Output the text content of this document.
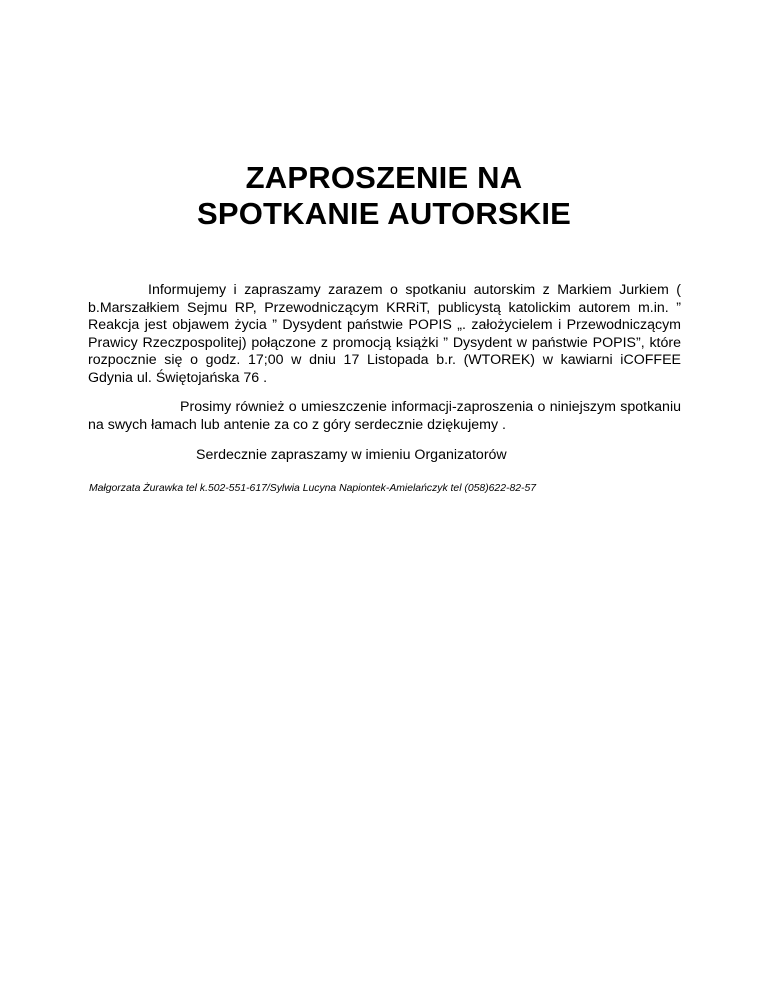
ZAPROSZENIE NA
SPOTKANIE AUTORSKIE

Informujemy i zapraszamy zarazem o spotkaniu autorskim z Markiem Jurkiem ( b.Marszałkiem Sejmu RP, Przewodniczącym KRRiT, publicystą katolickim autorem m.in. ” Reakcja jest objawem życia ” Dysydent państwie POPIS „. założycielem i Przewodniczącym Prawicy Rzeczpospolitej) połączone z promocją książki ” Dysydent w państwie POPIS”, które rozpocznie się o godz. 17;00 w dniu 17 Listopada b.r. (WTOREK) w kawiarni iCOFFEE Gdynia ul. Świętojańska 76 .

Prosimy również o umieszczenie informacji-zaproszenia o niniejszym spotkaniu na swych łamach lub antenie za co z góry serdecznie dziękujemy .

Serdecznie zapraszamy w imieniu Organizatorów

Małgorzata Żurawka tel k.502-551-617/Sylwia Lucyna Napiontek-Amielańczyk tel (058)622-82-57
